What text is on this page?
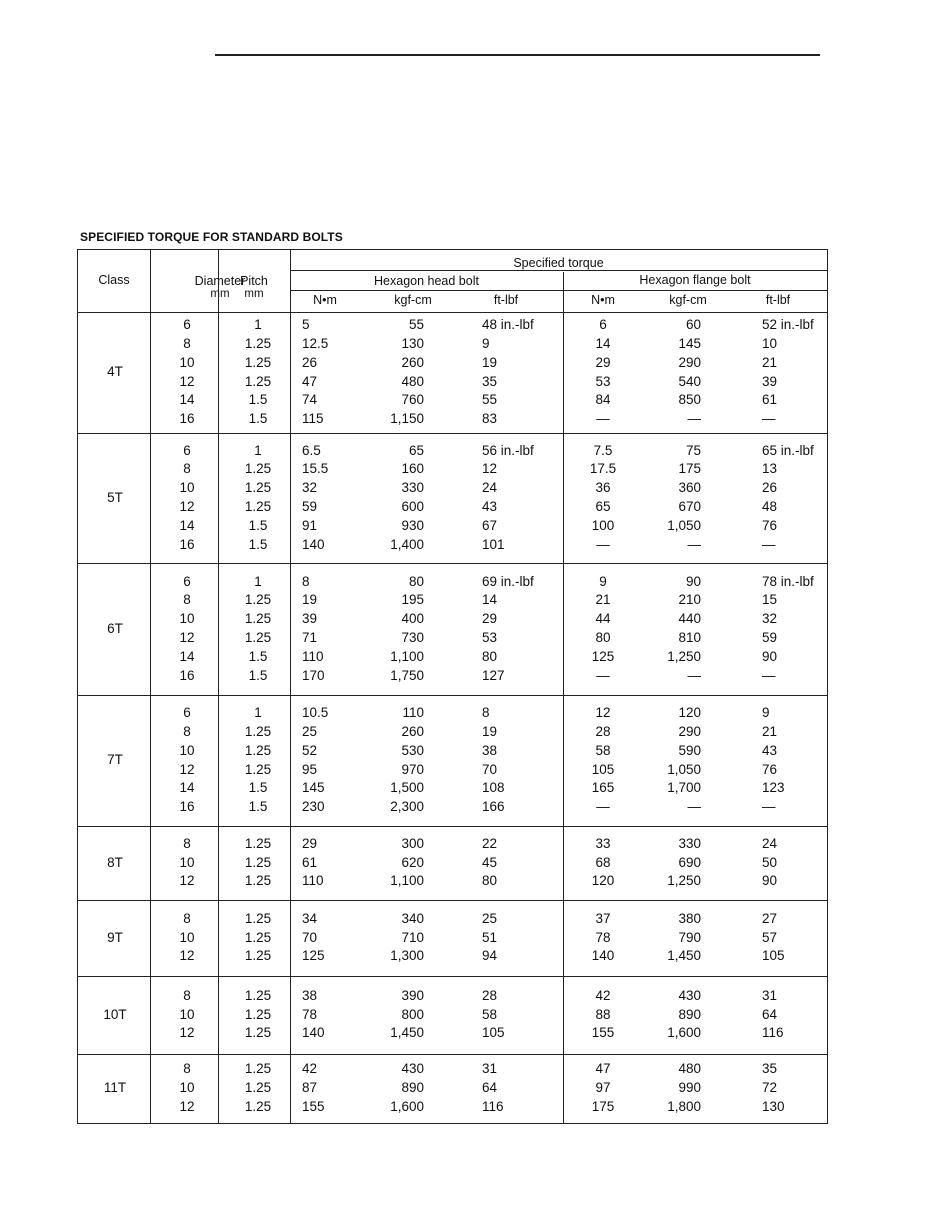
SPECIFIED TORQUE FOR STANDARD BOLTS
Class	Diameter
mm
Pitch
mm
Specified torque
Hexagon head bolt	Hexagon flange bolt
N•m	kgf-cm	ft-lbf	N•m	kgf-cm	ft-lbf
4T
6	1	5	55	48 in.-lbf	6	60	52 in.-lbf
8	1.25	12.5	130	9	14	145	10
10	1.25	26	260	19	29	290	21
12	1.25	47	480	35	53	540	39
14	1.5	74	760	55	84	850	61
16	1.5	115	1,150	83	—	—	—
5T
6	1	6.5	65	56 in.-lbf	7.5	75	65 in.-lbf
8	1.25	15.5	160	12	17.5	175	13
10	1.25	32	330	24	36	360	26
12	1.25	59	600	43	65	670	48
14	1.5	91	930	67	100	1,050	76
16	1.5	140	1,400	101	—	—	—
6T
6	1	8	80	69 in.-lbf	9	90	78 in.-lbf
8	1.25	19	195	14	21	210	15
10	1.25	39	400	29	44	440	32
12	1.25	71	730	53	80	810	59
14	1.5	110	1,100	80	125	1,250	90
16	1.5	170	1,750	127	—	—	—
7T
6	1	10.5	110	8	12	120	9
8	1.25	25	260	19	28	290	21
10	1.25	52	530	38	58	590	43
12	1.25	95	970	70	105	1,050	76
14	1.5	145	1,500	108	165	1,700	123
16	1.5	230	2,300	166	—	—	—
8T
8	1.25	29	300	22	33	330	24
10	1.25	61	620	45	68	690	50
12	1.25	110	1,100	80	120	1,250	90
9T
8	1.25	34	340	25	37	380	27
10	1.25	70	710	51	78	790	57
12	1.25	125	1,300	94	140	1,450	105
10T
8	1.25	38	390	28	42	430	31
10	1.25	78	800	58	88	890	64
12	1.25	140	1,450	105	155	1,600	116
11T
8	1.25	42	430	31	47	480	35
10	1.25	87	890	64	97	990	72
12	1.25	155	1,600	116	175	1,800	130
